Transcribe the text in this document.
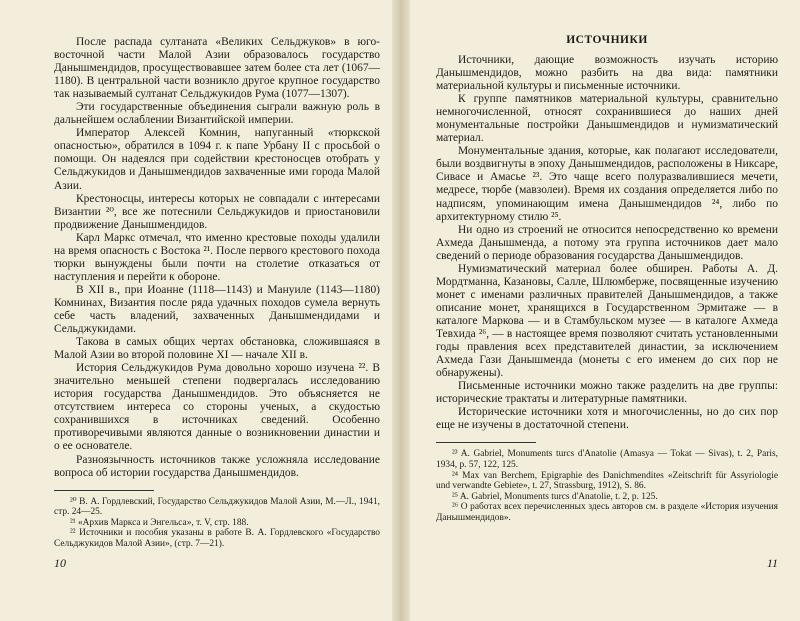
После распада султаната «Великих Сельджуков» в юго-восточной части Малой Азии образовалось государство Данышмендидов, просуществовавшее затем более ста лет (1067—1180). В центральной части возникло другое крупное государство так называемый султанат Сельджукидов Рума (1077—1307).

Эти государственные объединения сыграли важную роль в дальнейшем ослаблении Византийской империи.

Император Алексей Комнин, напуганный «тюркской опасностью», обратился в 1094 г. к папе Урбану II с просьбой о помощи. Он надеялся при содействии крестоносцев отобрать у Сельджукидов и Данышмендидов захваченные ими города Малой Азии.

Крестоносцы, интересы которых не совпадали с интересами Византии ²⁰, все же потеснили Сельджукидов и приостановили продвижение Данышмендидов.

Карл Маркс отмечал, что именно крестовые походы удалили на время опасность с Востока ²¹. После первого крестового похода тюрки вынуждены были почти на столетие отказаться от наступления и перейти к обороне.

В XII в., при Иоанне (1118—1143) и Мануиле (1143—1180) Комнинах, Византия после ряда удачных походов сумела вернуть себе часть владений, захваченных Данышмендидами и Сельджукидами.

Такова в самых общих чертах обстановка, сложившаяся в Малой Азии во второй половине XI — начале XII в.

История Сельджукидов Рума довольно хорошо изучена ²². В значительно меньшей степени подвергалась исследованию история государства Данышмендидов. Это объясняется не отсутствием интереса со стороны ученых, а скудостью сохранившихся в источниках сведений. Особенно противоречивыми являются данные о возникновении династии и о ее основателе.

Разноязычность источников также усложняла исследование вопроса об истории государства Данышмендидов.

²⁰ В. А. Гордлевский, Государство Сельджукидов Малой Азии, М.—Л., 1941, стр. 24—25.

²¹ «Архив Маркса и Энгельса», т. V, стр. 188.

²² Источники и пособия указаны в работе В. А. Гордлевского «Государство Сельджукидов Малой Азии», (стр. 7—21).

10
ИСТОЧНИКИ

Источники, дающие возможность изучать историю Данышмендидов, можно разбить на два вида: памятники материальной культуры и письменные источники.

К группе памятников материальной культуры, сравнительно немногочисленной, относят сохранившиеся до наших дней монументальные постройки Данышмендидов и нумизматический материал.

Монументальные здания, которые, как полагают исследователи, были воздвигнуты в эпоху Данышмендидов, расположены в Никсаре, Сивасе и Амасье ²³. Это чаще всего полуразвалившиеся мечети, медресе, тюрбе (мавзолеи). Время их создания определяется либо по надписям, упоминающим имена Данышмендидов ²⁴, либо по архитектурному стилю ²⁵.

Ни одно из строений не относится непосредственно ко времени Ахмеда Данышменда, а потому эта группа источников дает мало сведений о периоде образования государства Данышмендидов.

Нумизматический материал более обширен. Работы А. Д. Мордтманна, Казановы, Салле, Шлюмберже, посвященные изучению монет с именами различных правителей Данышмендидов, а также описание монет, хранящихся в Государственном Эрмитаже — в каталоге Маркова — и в Стамбульском музее — в каталоге Ахмеда Тевхида ²⁶, — в настоящее время позволяют считать установленными годы правления всех представителей династии, за исключением Ахмеда Гази Данышменда (монеты с его именем до сих пор не обнаружены).

Письменные источники можно также разделить на две группы: исторические трактаты и литературные памятники.

Исторические источники хотя и многочисленны, но до сих пор еще не изучены в достаточной степени.

²³ A. Gabriel, Monuments turcs d'Anatolie (Amasya — Tokat — Sivas), t. 2, Paris, 1934, p. 57, 122, 125.

²⁴ Max van Berchem, Epigraphie des Danichmendites «Zeitschrift für Assyriologie und verwandte Gebiete», t. 27, Strassburg, 1912), S. 86.

²⁵ A. Gabriel, Monuments turcs d'Anatolie, t. 2, p. 125.

²⁶ О работах всех перечисленных здесь авторов см. в разделе «История изучения Данышмендидов».

11
